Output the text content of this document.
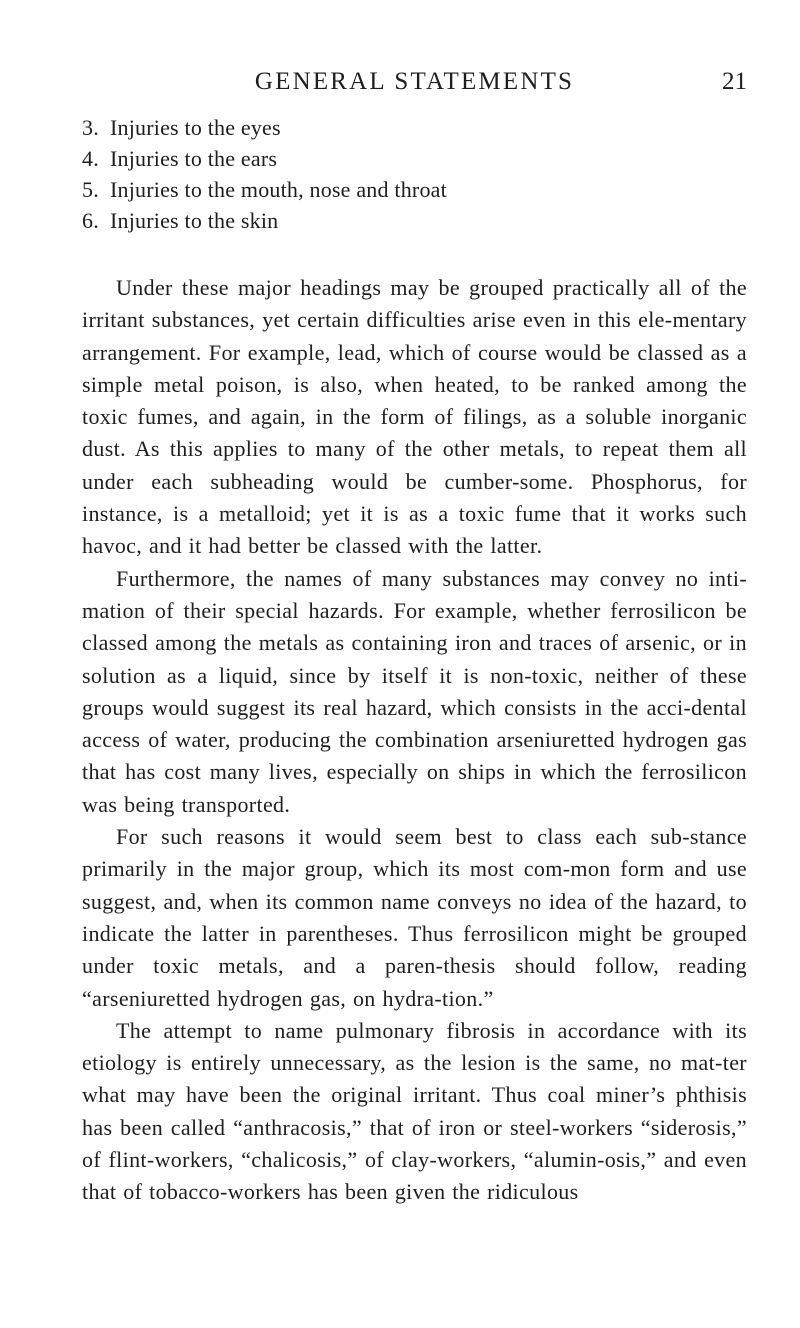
GENERAL STATEMENTS	21
3. Injuries to the eyes
4. Injuries to the ears
5. Injuries to the mouth, nose and throat
6. Injuries to the skin

Under these major headings may be grouped practically all of the irritant substances, yet certain difficulties arise even in this ele-mentary arrangement. For example, lead, which of course would be classed as a simple metal poison, is also, when heated, to be ranked among the toxic fumes, and again, in the form of filings, as a soluble inorganic dust. As this applies to many of the other metals, to repeat them all under each subheading would be cumber-some. Phosphorus, for instance, is a metalloid; yet it is as a toxic fume that it works such havoc, and it had better be classed with the latter.

Furthermore, the names of many substances may convey no inti-mation of their special hazards. For example, whether ferrosilicon be classed among the metals as containing iron and traces of arsenic, or in solution as a liquid, since by itself it is non-toxic, neither of these groups would suggest its real hazard, which consists in the acci-dental access of water, producing the combination arseniuretted hydrogen gas that has cost many lives, especially on ships in which the ferrosilicon was being transported.

For such reasons it would seem best to class each sub-stance primarily in the major group, which its most com-mon form and use suggest, and, when its common name conveys no idea of the hazard, to indicate the latter in parentheses. Thus ferrosilicon might be grouped under toxic metals, and a paren-thesis should follow, reading “arseniuretted hydrogen gas, on hydra-tion.”

The attempt to name pulmonary fibrosis in accordance with its etiology is entirely unnecessary, as the lesion is the same, no mat-ter what may have been the original irritant. Thus coal miner’s phthisis has been called “anthracosis,” that of iron or steel-workers “siderosis,” of flint-workers, “chalicosis,” of clay-workers, “alumin-osis,” and even that of tobacco-workers has been given the ridiculous
